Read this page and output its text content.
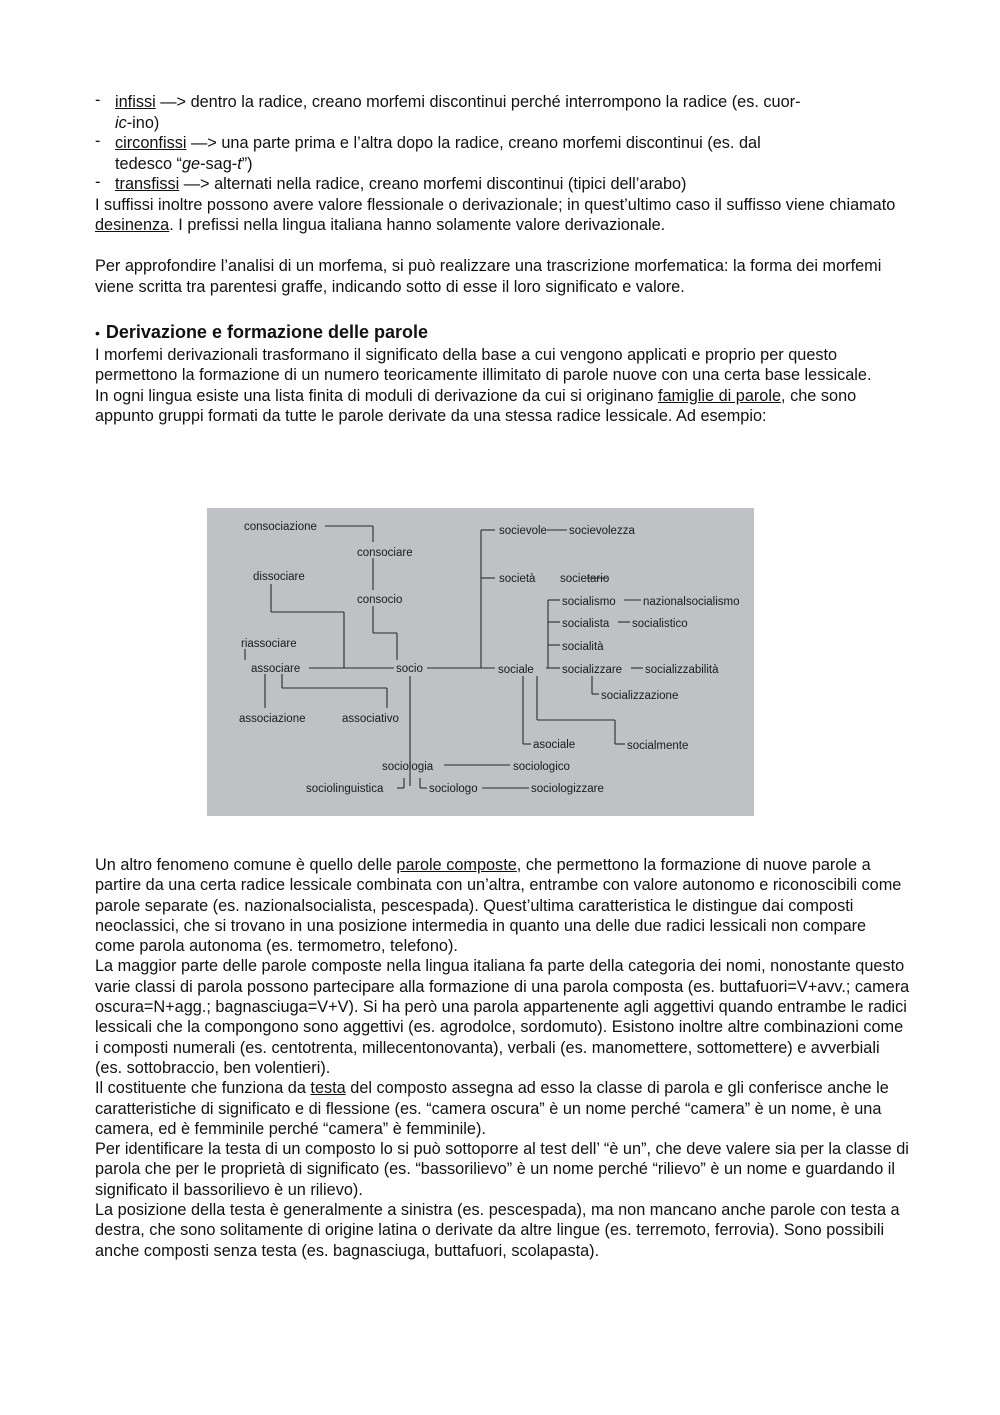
- infissi —> dentro la radice, creano morfemi discontinui perché interrompono la radice (es. cuor-
ic-ino)

- circonfissi —> una parte prima e l’altra dopo la radice, creano morfemi discontinui (es. dal
tedesco “ge-sag-t”)

- transfissi —> alternati nella radice, creano morfemi discontinui (tipici dell’arabo)

I suffissi inoltre possono avere valore flessionale o derivazionale; in quest’ultimo caso il suffisso viene chiamato desinenza. I prefissi nella lingua italiana hanno solamente valore derivazionale.

Per approfondire l’analisi di un morfema, si può realizzare una trascrizione morfematica: la forma dei morfemi viene scritta tra parentesi graffe, indicando sotto di esse il loro significato e valore.

• Derivazione e formazione delle parole

I morfemi derivazionali trasformano il significato della base a cui vengono applicati e proprio per questo permettono la formazione di un numero teoricamente illimitato di parole nuove con una certa base lessicale.

In ogni lingua esiste una lista finita di moduli di derivazione da cui si originano famiglie di parole, che sono appunto gruppi formati da tutte le parole derivate da una stessa radice lessicale. Ad esempio:

consociazione
consociare
dissociare
consocio
riassociare
associare	socio
associazione	associativo
socievole socievolezza
società societario
socialismo nazionalsocialismo
socialista socialistico
socialità
sociale socializzare socializzabilità
socializzazione
asociale	socialmente
sociologia	sociologico
sociolinguistica	sociologo	sociologizzare

Un altro fenomeno comune è quello delle parole composte, che permettono la formazione di nuove parole a partire da una certa radice lessicale combinata con un’altra, entrambe con valore autonomo e riconoscibili come parole separate (es. nazionalsocialista, pescespada). Quest’ultima caratteristica le distingue dai composti neoclassici, che si trovano in una posizione intermedia in quanto una delle due radici lessicali non compare come parola autonoma (es. termometro, telefono).

La maggior parte delle parole composte nella lingua italiana fa parte della categoria dei nomi, nonostante questo varie classi di parola possono partecipare alla formazione di una parola composta (es. buttafuori=V+avv.; camera oscura=N+agg.; bagnasciuga=V+V). Si ha però una parola appartenente agli aggettivi quando entrambe le radici lessicali che la compongono sono aggettivi (es. agrodolce, sordomuto). Esistono inoltre altre combinazioni come i composti numerali (es. centotrenta, millecentonovanta), verbali (es. manomettere, sottomettere) e avverbiali (es. sottobraccio, ben volentieri).

Il costituente che funziona da testa del composto assegna ad esso la classe di parola e gli conferisce anche le caratteristiche di significato e di flessione (es. “camera oscura” è un nome perché “camera” è un nome, è una camera, ed è femminile perché “camera” è femminile).

Per identificare la testa di un composto lo si può sottoporre al test dell’ “è un”, che deve valere sia per la classe di parola che per le proprietà di significato (es. “bassorilievo” è un nome perché “rilievo” è un nome e guardando il significato il bassorilievo è un rilievo).

La posizione della testa è generalmente a sinistra (es. pescespada), ma non mancano anche parole con testa a destra, che sono solitamente di origine latina o derivate da altre lingue (es. terremoto, ferrovia). Sono possibili anche composti senza testa (es. bagnasciuga, buttafuori, scolapasta).
